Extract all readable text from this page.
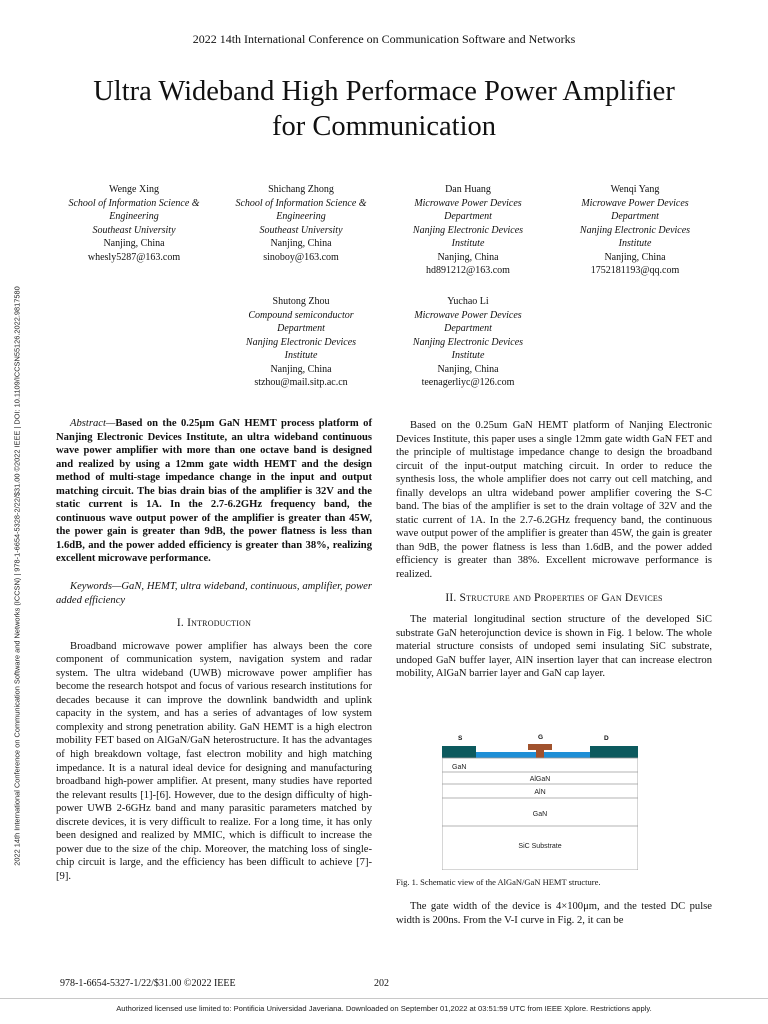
2022 14th International Conference on Communication Software and Networks
Ultra Wideband High Performace Power Amplifier
for Communication
2022 14th International Conference on Communication Software and Networks (ICCSN) | 978-1-6654-5328-2/22/$31.00 ©2022 IEEE | DOI: 10.1109/ICCSN55126.2022.9817580
Wenge Xing
School of Information Science &
Engineering
Southeast University
Nanjing, China
whesly5287@163.com
Shichang Zhong
School of Information Science &
Engineering
Southeast University
Nanjing, China
sinoboy@163.com
Dan Huang
Microwave Power Devices
Department
Nanjing Electronic Devices
Institute
Nanjing, China
hd891212@163.com
Wenqi Yang
Microwave Power Devices
Department
Nanjing Electronic Devices
Institute
Nanjing, China
1752181193@qq.com
Shutong Zhou
Compound semiconductor
Department
Nanjing Electronic Devices
Institute
Nanjing, China
stzhou@mail.sitp.ac.cn
Yuchao Li
Microwave Power Devices
Department
Nanjing Electronic Devices
Institute
Nanjing, China
teenagerliyc@126.com

Abstract—Based on the 0.25μm GaN HEMT process platform of Nanjing Electronic Devices Institute, an ultra wideband continuous wave power amplifier with more than one octave band is designed and realized by using a 12mm gate width HEMT and the design method of multi-stage impedance change in the input and output matching circuit. The bias drain bias of the amplifier is 32V and the static current is 1A. In the 2.7-6.2GHz frequency band, the continuous wave output power of the amplifier is greater than 45W, the power gain is greater than 9dB, the power flatness is less than 1.6dB, and the power added efficiency is greater than 38%, realizing excellent microwave performance.

Keywords—GaN, HEMT, ultra wideband, continuous, amplifier, power added efficiency

I. Introduction

Broadband microwave power amplifier has always been the core component of communication system, navigation system and radar system. The ultra wideband (UWB) microwave power amplifier has become the research hotspot and focus of various research institutions for decades because it can improve the downlink bandwidth and uplink capacity in the system, and has a series of advantages of low system complexity and strong penetration ability. GaN HEMT is a high electron mobility FET based on AlGaN/GaN heterostructure. It has the advantages of high breakdown voltage, fast electron mobility and high matching impedance. It is a natural ideal device for designing and manufacturing broadband high-power amplifier. At present, many studies have reported the relevant results [1]-[6]. However, due to the design difficulty of high-power UWB 2-6GHz band and many parasitic parameters matched by discrete devices, it is very difficult to realize. For a long time, it has only been designed and realized by MMIC, which is difficult to increase the power due to the size of the chip. Moreover, the matching loss of single-chip circuit is large, and the efficiency has been difficult to achieve [7]-[9].

Based on the 0.25um GaN HEMT platform of Nanjing Electronic Devices Institute, this paper uses a single 12mm gate width GaN FET and the principle of multistage impedance change to design the broadband circuit of the input-output matching circuit. In order to reduce the synthesis loss, the whole amplifier does not carry out cell matching, and finally develops an ultra wideband power amplifier covering the S-C band. The bias of the amplifier is set to the drain voltage of 32V and the static current of 1A. In the 2.7-6.2GHz frequency band, the continuous wave output power of the amplifier is greater than 45W, the gain is greater than 9dB, the power flatness is less than 1.6dB, and the power added efficiency is greater than 38%. Excellent microwave performance is realized.

II. Structure and Properties of Gan Devices

The material longitudinal section structure of the developed SiC substrate GaN heterojunction device is shown in Fig. 1 below. The whole material structure consists of undoped semi insulating SiC substrate, undoped GaN buffer layer, AlN insertion layer that can increase electron mobility, AlGaN barrier layer and GaN cap layer.

S	G	D
GaN
AlGaN
AlN
GaN
SiC Substrate
Fig. 1. Schematic view of the AlGaN/GaN HEMT structure.

The gate width of the device is 4×100μm, and the tested DC pulse width is 200ns. From the V-I curve in Fig. 2, it can be

978-1-6654-5327-1/22/$31.00 ©2022 IEEE	202
Authorized licensed use limited to: Pontificia Universidad Javeriana. Downloaded on September 01,2022 at 03:51:59 UTC from IEEE Xplore. Restrictions apply.
